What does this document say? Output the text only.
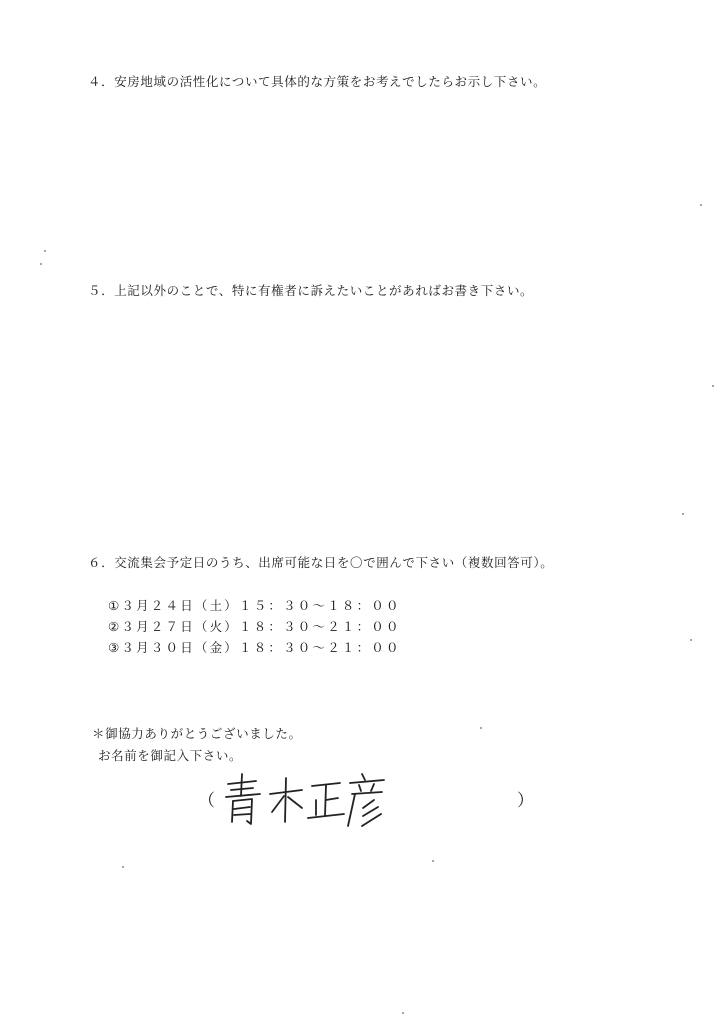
４．安房地域の活性化について具体的な方策をお考えでしたらお示し下さい。
５．上記以外のことで、特に有権者に訴えたいことがあればお書き下さい。
６．交流集会予定日のうち、出席可能な日を〇で囲んで下さい（複数回答可）。
①３月２４日（土）１５：３０～１８：００
②３月２７日（火）１８：３０～２１：００
③３月３０日（金）１８：３０～２１：００
＊御協力ありがとうございました。
お名前を御記入下さい。
（	）
